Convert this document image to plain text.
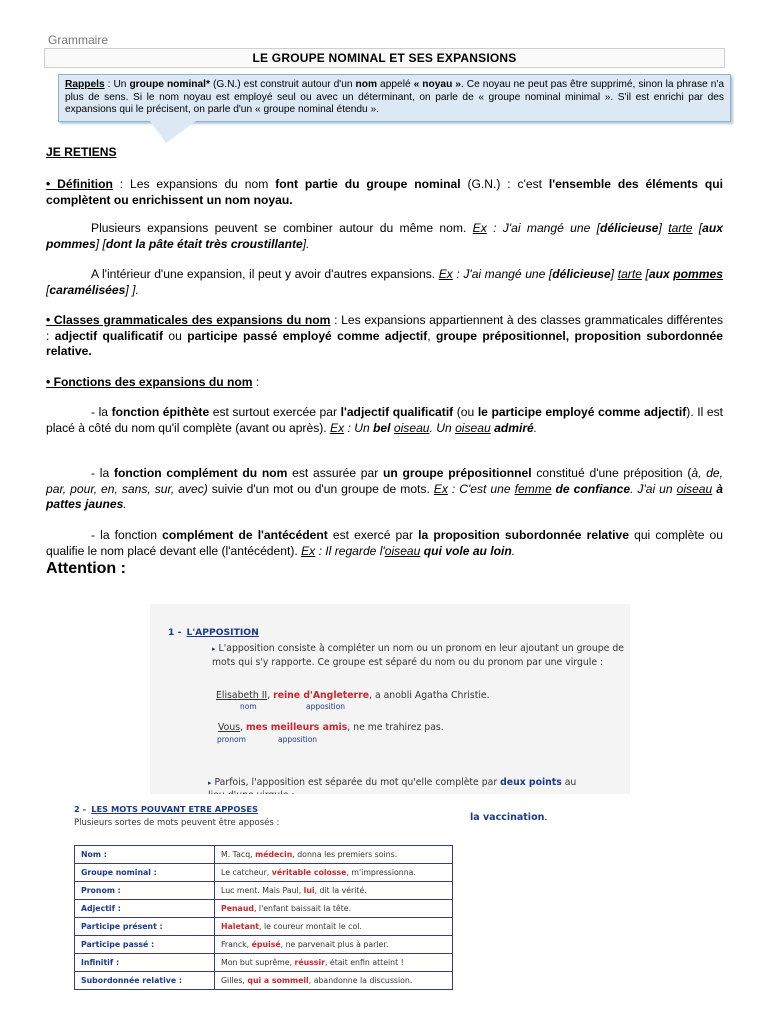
Grammaire
LE GROUPE NOMINAL ET SES EXPANSIONS
Rappels : Un groupe nominal* (G.N.) est construit autour d'un nom appelé « noyau ». Ce noyau ne peut pas être supprimé, sinon la phrase n'a plus de sens. Si le nom noyau est employé seul ou avec un déterminant, on parle de « groupe nominal minimal ». S'il est enrichi par des expansions qui le précisent, on parle d'un « groupe nominal étendu ».
JE RETIENS

• Définition : Les expansions du nom font partie du groupe nominal (G.N.) : c'est l'ensemble des éléments qui complètent ou enrichissent un nom noyau.

Plusieurs expansions peuvent se combiner autour du même nom. Ex : J'ai mangé une [délicieuse] tarte [aux pommes] [dont la pâte était très croustillante].

A l'intérieur d'une expansion, il peut y avoir d'autres expansions. Ex : J'ai mangé une [délicieuse] tarte [aux pommes [caramélisées] ].

• Classes grammaticales des expansions du nom : Les expansions appartiennent à des classes grammaticales différentes : adjectif qualificatif ou participe passé employé comme adjectif, groupe prépositionnel, proposition subordonnée relative.

• Fonctions des expansions du nom :

- la fonction épithète est surtout exercée par l'adjectif qualificatif (ou le participe employé comme adjectif). Il est placé à côté du nom qu'il complète (avant ou après). Ex : Un bel oiseau. Un oiseau admiré.

- la fonction complément du nom est assurée par un groupe prépositionnel constitué d'une préposition (à, de, par, pour, en, sans, sur, avec) suivie d'un mot ou d'un groupe de mots. Ex : C'est une femme de confiance. J'ai un oiseau à pattes jaunes.

- la fonction complément de l'antécédent est exercé par la proposition subordonnée relative qui complète ou qualifie le nom placé devant elle (l'antécédent). Ex : Il regarde l'oiseau qui vole au loin.

Attention :
1 - L'APPOSITION
▸ L'apposition consiste à compléter un nom ou un pronom en leur ajoutant un groupe de mots qui s'y rapporte. Ce groupe est séparé du nom ou du pronom par une virgule :
Elisabeth II, reine d'Angleterre, a anobli Agatha Christie.
nom	apposition
Vous, mes meilleurs amis, ne me trahirez pas.
pronom	apposition
▸ Parfois, l'apposition est séparée du mot qu'elle complète par deux points au
2 - LES MOTS POUVANT ETRE APPOSES
Plusieurs sortes de mots peuvent être apposés :	la vaccination.
Nom :	M. Tacq, médecin, donna les premiers soins.
Groupe nominal :	Le catcheur, véritable colosse, m'impressionna.
Pronom :	Luc ment. Mais Paul, lui, dit la vérité.
Adjectif :	Penaud, l'enfant baissait la tête.
Participe présent :	Haletant, le coureur montait le col.
Participe passé :	Franck, épuisé, ne parvenait plus à parler.
Infinitif :	Mon but suprême, réussir, était enfin atteint !
Subordonnée relative :	Gilles, qui a sommeil, abandonne la discussion.
